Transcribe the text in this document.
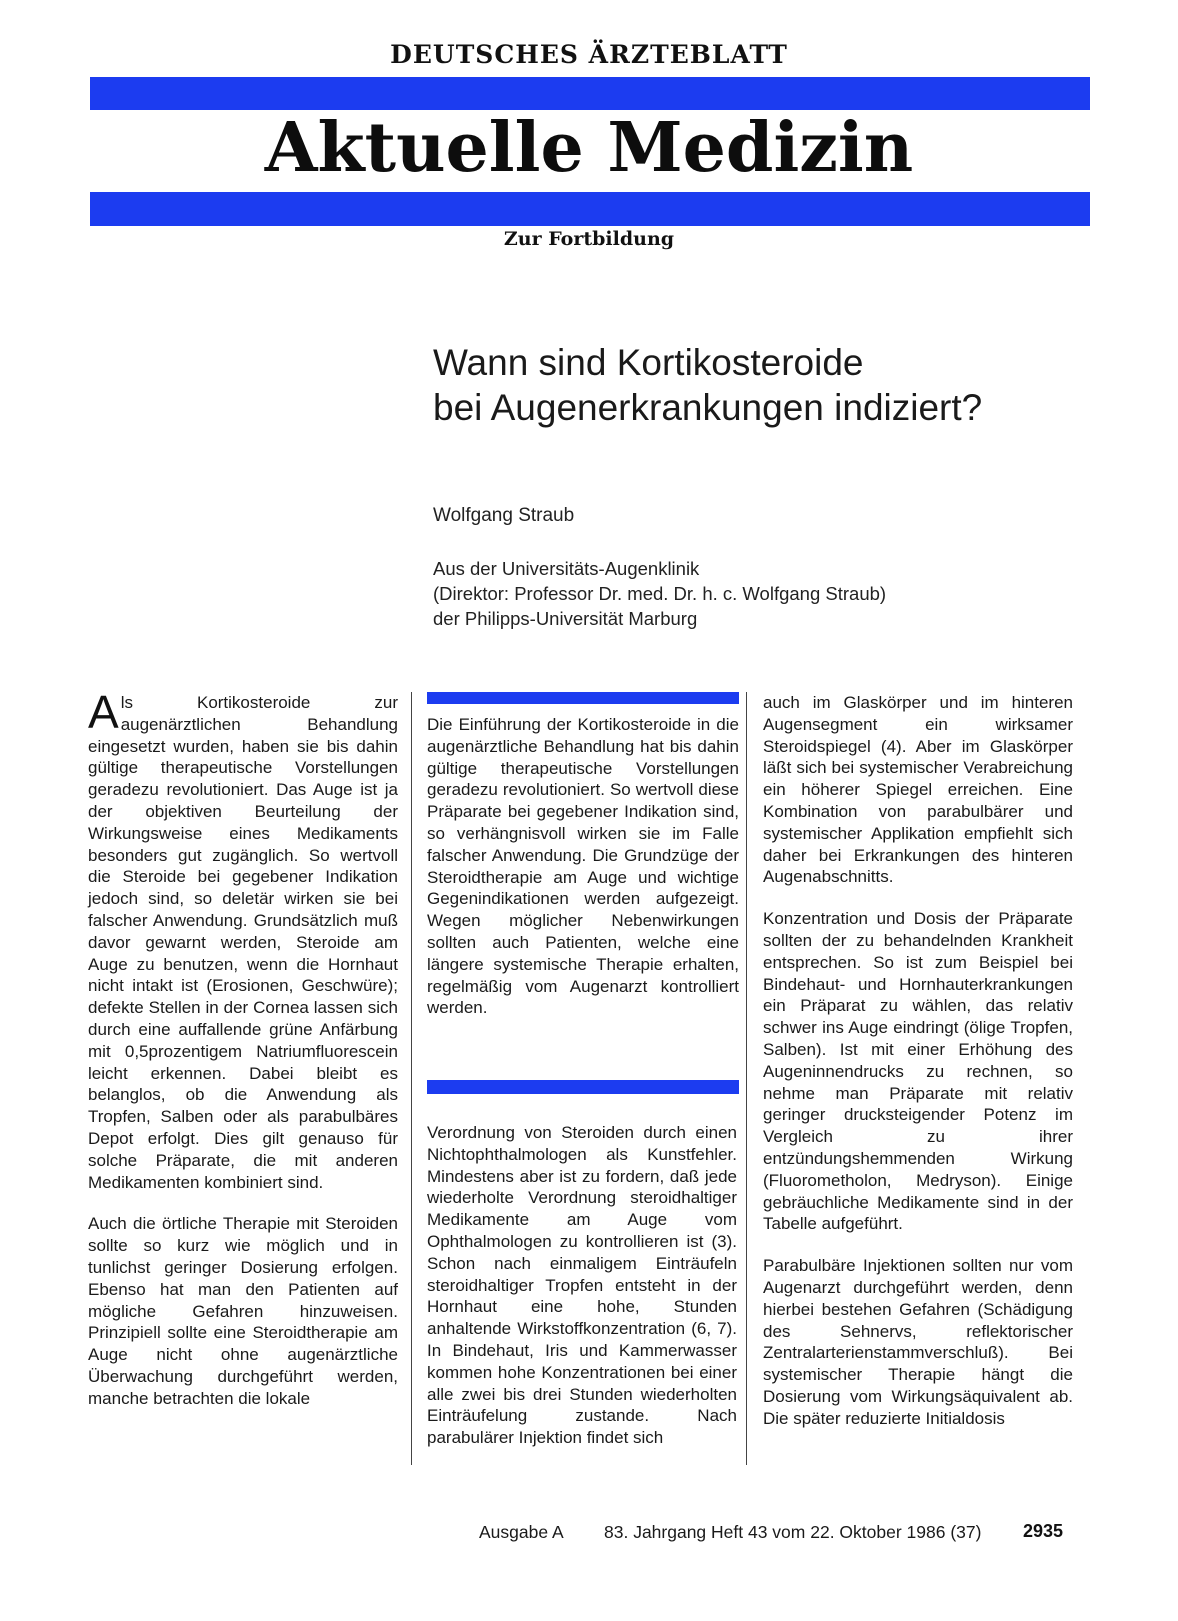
DEUTSCHES ÄRZTEBLATT
Aktuelle Medizin
Zur Fortbildung
Wann sind Kortikosteroide
bei Augenerkrankungen indiziert?
Wolfgang Straub
Aus der Universitäts-Augenklinik
(Direktor: Professor Dr. med. Dr. h. c. Wolfgang Straub)
der Philipps-Universität Marburg

Als Kortikosteroide zur augenärztlichen Behandlung eingesetzt wurden, haben sie bis dahin gültige therapeutische Vorstellungen geradezu revolutioniert. Das Auge ist ja der objektiven Beurteilung der Wirkungsweise eines Medikaments besonders gut zugänglich. So wertvoll die Steroide bei gegebener Indikation jedoch sind, so deletär wirken sie bei falscher Anwendung. Grundsätzlich muß davor gewarnt werden, Steroide am Auge zu benutzen, wenn die Hornhaut nicht intakt ist (Erosionen, Geschwüre); defekte Stellen in der Cornea lassen sich durch eine auffallende grüne Anfärbung mit 0,5prozentigem Natriumfluorescein leicht erkennen. Dabei bleibt es belanglos, ob die Anwendung als Tropfen, Salben oder als parabulbäres Depot erfolgt. Dies gilt genauso für solche Präparate, die mit anderen Medikamenten kombiniert sind.

Auch die örtliche Therapie mit Steroiden sollte so kurz wie möglich und in tunlichst geringer Dosierung erfolgen. Ebenso hat man den Patienten auf mögliche Gefahren hinzuweisen. Prinzipiell sollte eine Steroidtherapie am Auge nicht ohne augenärztliche Überwachung durchgeführt werden, manche betrachten die lokale

Die Einführung der Kortikosteroide in die augenärztliche Behandlung hat bis dahin gültige therapeutische Vorstellungen geradezu revolutioniert. So wertvoll diese Präparate bei gegebener Indikation sind, so verhängnisvoll wirken sie im Falle falscher Anwendung. Die Grundzüge der Steroidtherapie am Auge und wichtige Gegenindikationen werden aufgezeigt. Wegen möglicher Nebenwirkungen sollten auch Patienten, welche eine längere systemische Therapie erhalten, regelmäßig vom Augenarzt kontrolliert werden.

Verordnung von Steroiden durch einen Nichtophthalmologen als Kunstfehler. Mindestens aber ist zu fordern, daß jede wiederholte Verordnung steroidhaltiger Medikamente am Auge vom Ophthalmologen zu kontrollieren ist (3). Schon nach einmaligem Einträufeln steroidhaltiger Tropfen entsteht in der Hornhaut eine hohe, Stunden anhaltende Wirkstoffkonzentration (6, 7). In Bindehaut, Iris und Kammerwasser kommen hohe Konzentrationen bei einer alle zwei bis drei Stunden wiederholten Einträufelung zustande. Nach parabulärer Injektion findet sich

auch im Glaskörper und im hinteren Augensegment ein wirksamer Steroidspiegel (4). Aber im Glaskörper läßt sich bei systemischer Verabreichung ein höherer Spiegel erreichen. Eine Kombination von parabulbärer und systemischer Applikation empfiehlt sich daher bei Erkrankungen des hinteren Augenabschnitts.

Konzentration und Dosis der Präparate sollten der zu behandelnden Krankheit entsprechen. So ist zum Beispiel bei Bindehaut- und Hornhauterkrankungen ein Präparat zu wählen, das relativ schwer ins Auge eindringt (ölige Tropfen, Salben). Ist mit einer Erhöhung des Augeninnendrucks zu rechnen, so nehme man Präparate mit relativ geringer drucksteigender Potenz im Vergleich zu ihrer entzündungshemmenden Wirkung (Fluorometholon, Medryson). Einige gebräuchliche Medikamente sind in der Tabelle aufgeführt.

Parabulbäre Injektionen sollten nur vom Augenarzt durchgeführt werden, denn hierbei bestehen Gefahren (Schädigung des Sehnervs, reflektorischer Zentralarterienstammverschluß). Bei systemischer Therapie hängt die Dosierung vom Wirkungsäquivalent ab. Die später reduzierte Initialdosis

Ausgabe A 83. Jahrgang Heft 43 vom 22. Oktober 1986 (37) 2935
